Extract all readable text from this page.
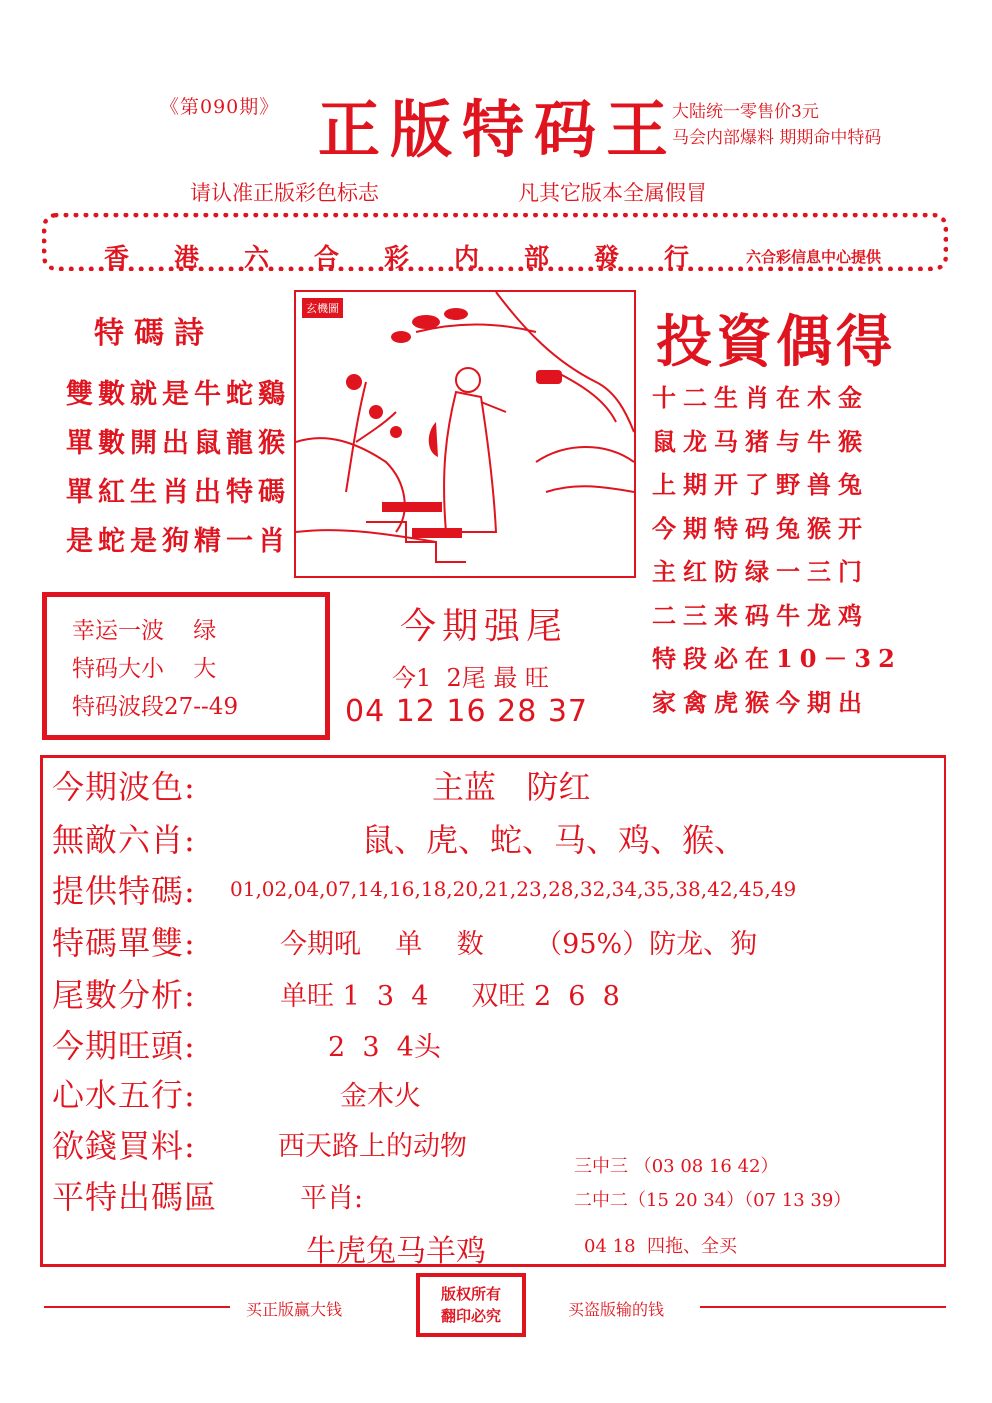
《第090期》 正版特码王
大陆统一零售价3元
马会内部爆料 期期命中特码
请认准正版彩色标志	凡其它版本全属假冒
香港六合彩内部發行 六合彩信息中心提供
特碼詩
雙數就是牛蛇鷄
單數開出鼠龍猴
單紅生肖出特碼
是蛇是狗精一肖
玄機圖
投資偶得
十二生肖在木金
鼠龙马猪与牛猴
上期开了野兽兔
今期特码兔猴开
主红防绿一三门
二三来码牛龙鸡
特段必在10－32
家禽虎猴今期出
幸运一波    绿
特码大小    大
特码波段27--49
今期强尾
今1  2尾 最 旺
04 12 16 28 37
今期波色:	主蓝   防红
無敵六肖:	鼠、虎、蛇、马、鸡、猴、
提供特碼: 01,02,04,07,14,16,18,20,21,23,28,32,34,35,38,42,45,49
特碼單雙:	今期吼    单    数      （95%）防龙、狗
尾數分析:	单旺 1  3  4     双旺 2  6  8
今期旺頭:	2  3  4头
心水五行:	金木火
欲錢買料:	西天路上的动物
平特出碼區	平肖:
牛虎兔马羊鸡
三中三 （03 08 16 42）
二中二（15 20 34）（07 13 39）
04 18  四拖、全买
买正版赢大钱
版权所有
翻印必究	买盗版输的钱
